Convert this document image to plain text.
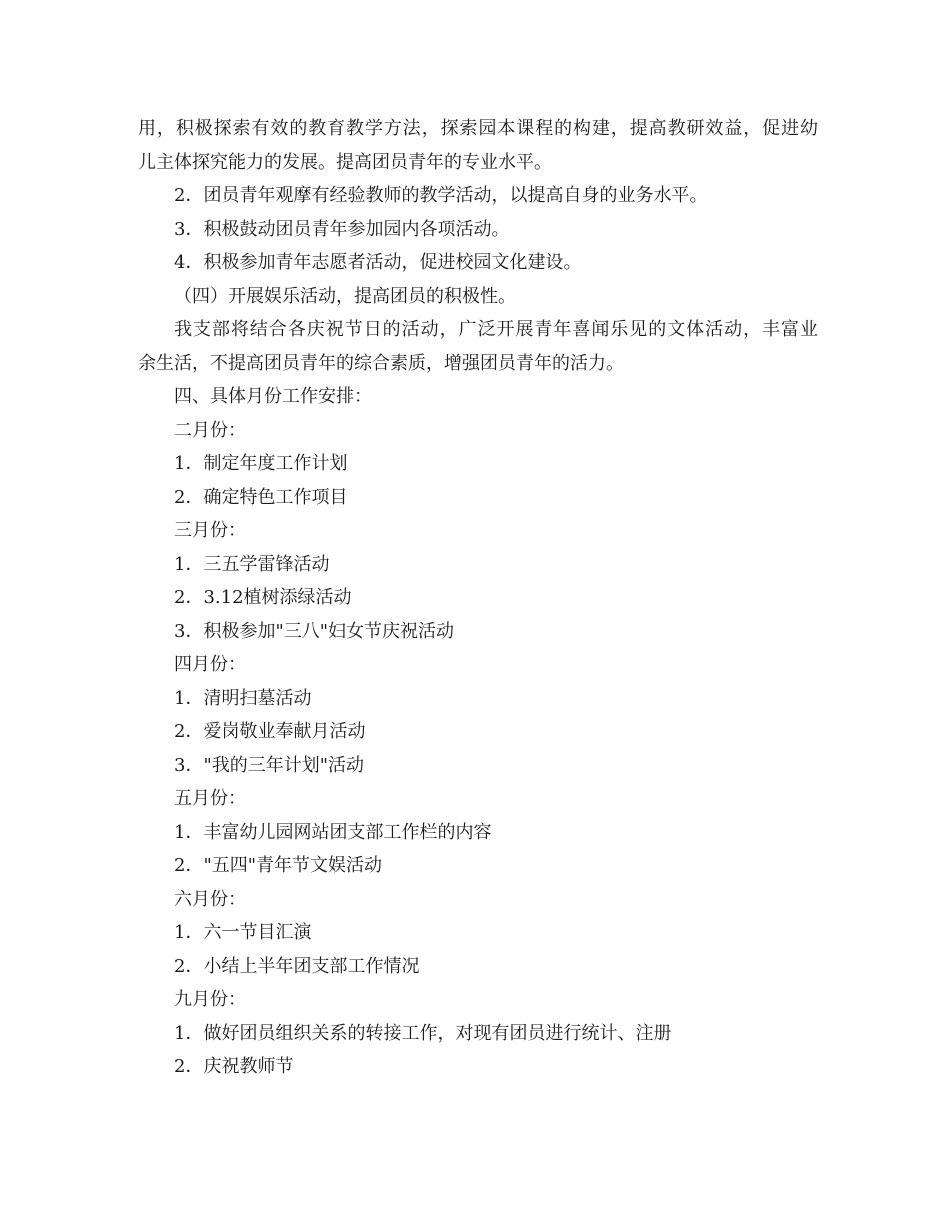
用，积极探索有效的教育教学方法，探索园本课程的构建，提高教研效益，促进幼
儿主体探究能力的发展。提高团员青年的专业水平。
2．团员青年观摩有经验教师的教学活动，以提高自身的业务水平。
3．积极鼓动团员青年参加园内各项活动。
4．积极参加青年志愿者活动，促进校园文化建设。
（四）开展娱乐活动，提高团员的积极性。
我支部将结合各庆祝节日的活动，广泛开展青年喜闻乐见的文体活动，丰富业
余生活，不提高团员青年的综合素质，增强团员青年的活力。
四、具体月份工作安排：
二月份：
1．制定年度工作计划
2．确定特色工作项目
三月份：
1．三五学雷锋活动
2．3.12植树添绿活动
3．积极参加"三八"妇女节庆祝活动
四月份：
1．清明扫墓活动
2．爱岗敬业奉献月活动
3．"我的三年计划"活动
五月份：
1．丰富幼儿园网站团支部工作栏的内容
2．"五四"青年节文娱活动
六月份：
1．六一节目汇演
2．小结上半年团支部工作情况
九月份：
1．做好团员组织关系的转接工作，对现有团员进行统计、注册
2．庆祝教师节
